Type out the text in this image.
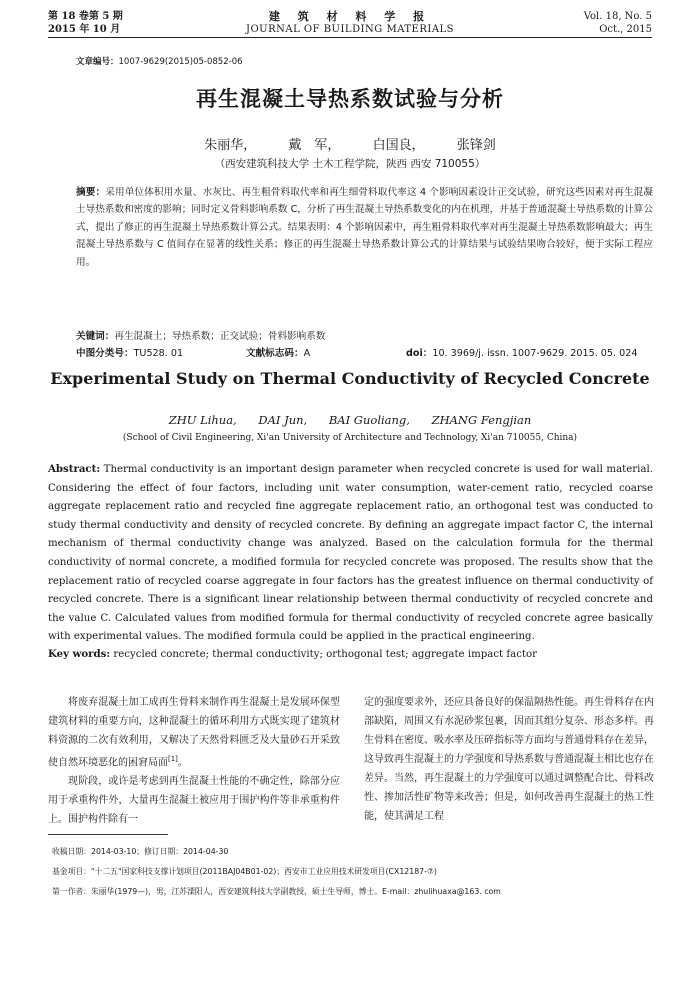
第 18 卷第 5 期
2015 年 10 月
建 筑 材 料 学 报
JOURNAL OF BUILDING MATERIALS
Vol. 18, No. 5
Oct., 2015
文章编号：1007-9629(2015)05-0852-06
再生混凝土导热系数试验与分析
朱丽华， 戴　军， 白国良， 张锋剑
（西安建筑科技大学 土木工程学院，陕西 西安 710055）
摘要：采用单位体积用水量、水灰比、再生粗骨料取代率和再生细骨料取代率这 4 个影响因素设计正交试验，研究这些因素对再生混凝土导热系数和密度的影响；同时定义骨料影响系数 C，分析了再生混凝土导热系数变化的内在机理，并基于普通混凝土导热系数的计算公式，提出了修正的再生混凝土导热系数计算公式。结果表明：4 个影响因素中，再生粗骨料取代率对再生混凝土导热系数影响最大；再生混凝土导热系数与 C 值间存在显著的线性关系；修正的再生混凝土导热系数计算公式的计算结果与试验结果吻合较好，便于实际工程应用。
关键词：再生混凝土；导热系数；正交试验；骨料影响系数
中图分类号：TU528. 01	文献标志码：A	doi：10. 3969/j. issn. 1007-9629. 2015. 05. 024
Experimental Study on Thermal Conductivity of Recycled Concrete
ZHU Lihua, DAI Jun, BAI Guoliang, ZHANG Fengjian
(School of Civil Engineering, Xi'an University of Architecture and Technology, Xi'an 710055, China)
Abstract: Thermal conductivity is an important design parameter when recycled concrete is used for wall material. Considering the effect of four factors, including unit water consumption, water-cement ratio, recycled coarse aggregate replacement ratio and recycled fine aggregate replacement ratio, an orthogonal test was conducted to study thermal conductivity and density of recycled concrete. By defining an aggregate impact factor C, the internal mechanism of thermal conductivity change was analyzed. Based on the calculation formula for the thermal conductivity of normal concrete, a modified formula for recycled concrete was proposed. The results show that the replacement ratio of recycled coarse aggregate in four factors has the greatest influence on thermal conductivity of recycled concrete. There is a significant linear relationship between thermal conductivity of recycled concrete and the value C. Calculated values from modified formula for thermal conductivity of recycled concrete agree basically with experimental values. The modified formula could be applied in the practical engineering.
Key words: recycled concrete; thermal conductivity; orthogonal test; aggregate impact factor

将废弃混凝土加工成再生骨料来制作再生混凝土是发展环保型建筑材料的重要方向，这种混凝土的循环利用方式既实现了建筑材料资源的二次有效利用，又解决了天然骨料匮乏及大量砂石开采致使自然环境恶化的困窘局面[1]。

现阶段，或许是考虑到再生混凝土性能的不确定性，除部分应用于承重构件外，大量再生混凝土被应用于围护构件等非承重构件上。围护构件除有一

定的强度要求外，还应具备良好的保温隔热性能。再生骨料存在内部缺陷，周围又有水泥砂浆包裹，因而其组分复杂、形态多样。再生骨料在密度、吸水率及压碎指标等方面均与普通骨料存在差异，这导致再生混凝土的力学强度和导热系数与普通混凝土相比也存在差异。当然，再生混凝土的力学强度可以通过调整配合比、骨料改性、掺加活性矿物等来改善；但是，如何改善再生混凝土的热工性能，使其满足工程

收稿日期：2014-03-10；修订日期：2014-04-30
基金项目："十二五"国家科技支撑计划项目(2011BAJ04B01-02)；西安市工业应用技术研发项目(CX12187-⑦)
第一作者：朱丽华(1979—)，男，江苏溧阳人，西安建筑科技大学副教授，硕士生导师，博士。E-mail：zhulihuaxa@163. com
